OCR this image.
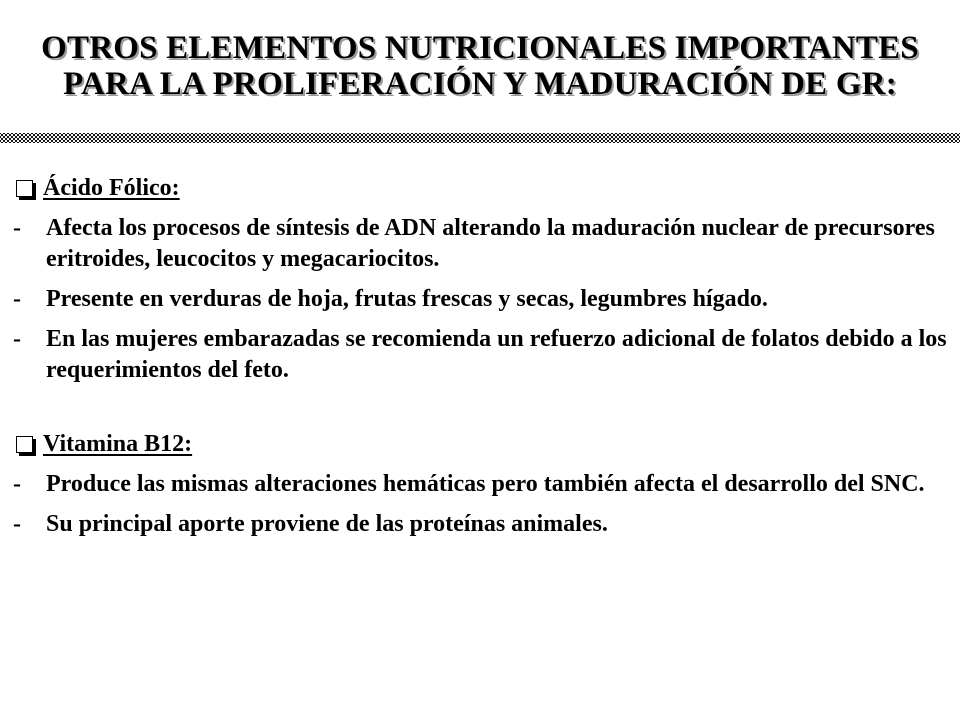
OTROS ELEMENTOS NUTRICIONALES IMPORTANTES
PARA LA PROLIFERACIÓN Y MADURACIÓN DE GR:
Ácido Fólico:
-	Afecta los procesos de síntesis de ADN alterando la maduración nuclear de precursores eritroides, leucocitos y megacariocitos.
-	Presente en verduras de hoja, frutas frescas y secas, legumbres hígado.
-	En las mujeres embarazadas se recomienda un refuerzo adicional de folatos debido a los requerimientos del feto.
Vitamina B12:
-	Produce las mismas alteraciones hemáticas pero también afecta el desarrollo del SNC.
-	Su principal aporte proviene de las proteínas animales.
